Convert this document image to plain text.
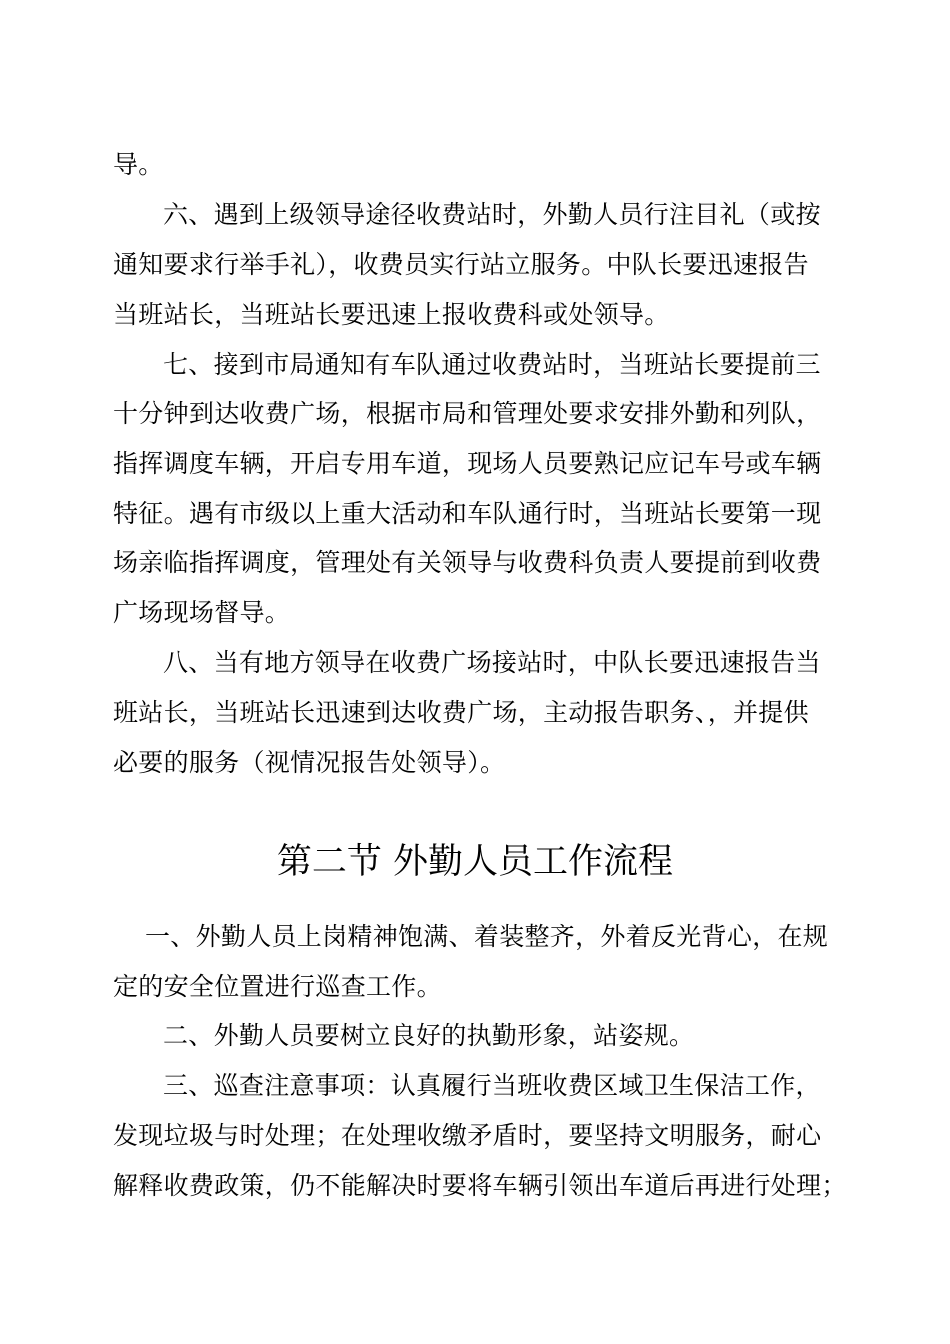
导。
六、遇到上级领导途径收费站时，外勤人员行注目礼（或按
通知要求行举手礼），收费员实行站立服务。中队长要迅速报告
当班站长，当班站长要迅速上报收费科或处领导。
七、接到市局通知有车队通过收费站时，当班站长要提前三
十分钟到达收费广场，根据市局和管理处要求安排外勤和列队，
指挥调度车辆，开启专用车道，现场人员要熟记应记车号或车辆
特征。遇有市级以上重大活动和车队通行时，当班站长要第一现
场亲临指挥调度，管理处有关领导与收费科负责人要提前到收费
广场现场督导。
八、当有地方领导在收费广场接站时，中队长要迅速报告当
班站长，当班站长迅速到达收费广场，主动报告职务、，并提供
必要的服务（视情况报告处领导）。
第二节 外勤人员工作流程
一、外勤人员上岗精神饱满、着装整齐，外着反光背心，在规
定的安全位置进行巡查工作。
二、外勤人员要树立良好的执勤形象，站姿规。
三、巡查注意事项：认真履行当班收费区域卫生保洁工作，
发现垃圾与时处理；在处理收缴矛盾时，要坚持文明服务，耐心
解释收费政策，仍不能解决时要将车辆引领出车道后再进行处理；
